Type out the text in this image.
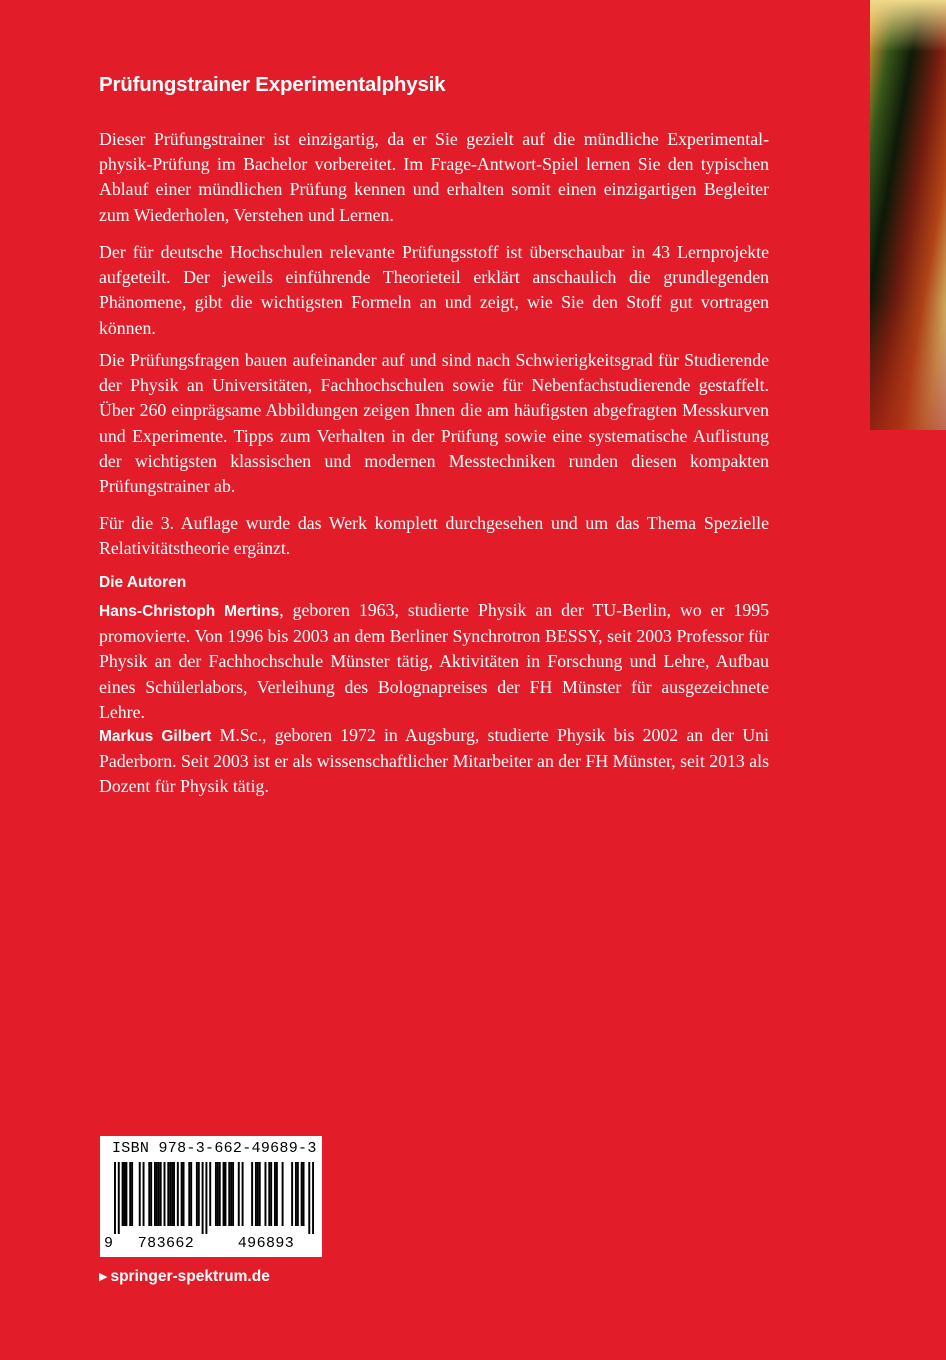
Prüfungstrainer Experimentalphysik

Dieser Prüfungstrainer ist einzigartig, da er Sie gezielt auf die mündliche Experimental-physik-Prüfung im Bachelor vorbereitet. Im Frage-Antwort-Spiel lernen Sie den typischen Ablauf einer mündlichen Prüfung kennen und erhalten somit einen einzigartigen Begleiter zum Wiederholen, Verstehen und Lernen.

Der für deutsche Hochschulen relevante Prüfungsstoff ist überschaubar in 43 Lernprojekte aufgeteilt. Der jeweils einführende Theorieteil erklärt anschaulich die grundlegenden Phänomene, gibt die wichtigsten Formeln an und zeigt, wie Sie den Stoff gut vortragen können.

Die Prüfungsfragen bauen aufeinander auf und sind nach Schwierigkeitsgrad für Studierende der Physik an Universitäten, Fachhochschulen sowie für Nebenfachstudierende gestaffelt. Über 260 einprägsame Abbildungen zeigen Ihnen die am häufigsten abgefragten Messkurven und Experimente. Tipps zum Verhalten in der Prüfung sowie eine systematische Auflistung der wichtigsten klassischen und modernen Messtechniken runden diesen kompakten Prüfungstrainer ab.

Für die 3. Auflage wurde das Werk komplett durchgesehen und um das Thema Spezielle Relativitätstheorie ergänzt.

Die Autoren

Hans-Christoph Mertins, geboren 1963, studierte Physik an der TU-Berlin, wo er 1995 promovierte. Von 1996 bis 2003 an dem Berliner Synchrotron BESSY, seit 2003 Professor für Physik an der Fachhochschule Münster tätig, Aktivitäten in Forschung und Lehre, Aufbau eines Schülerlabors, Verleihung des Bolognapreises der FH Münster für ausgezeichnete Lehre.

Markus Gilbert M.Sc., geboren 1972 in Augsburg, studierte Physik bis 2002 an der Uni Paderborn. Seit 2003 ist er als wissenschaftlicher Mitarbeiter an der FH Münster, seit 2013 als Dozent für Physik tätig.

ISBN 978-3-662-49689-3
9	783662	496893
▶ springer-spektrum.de
